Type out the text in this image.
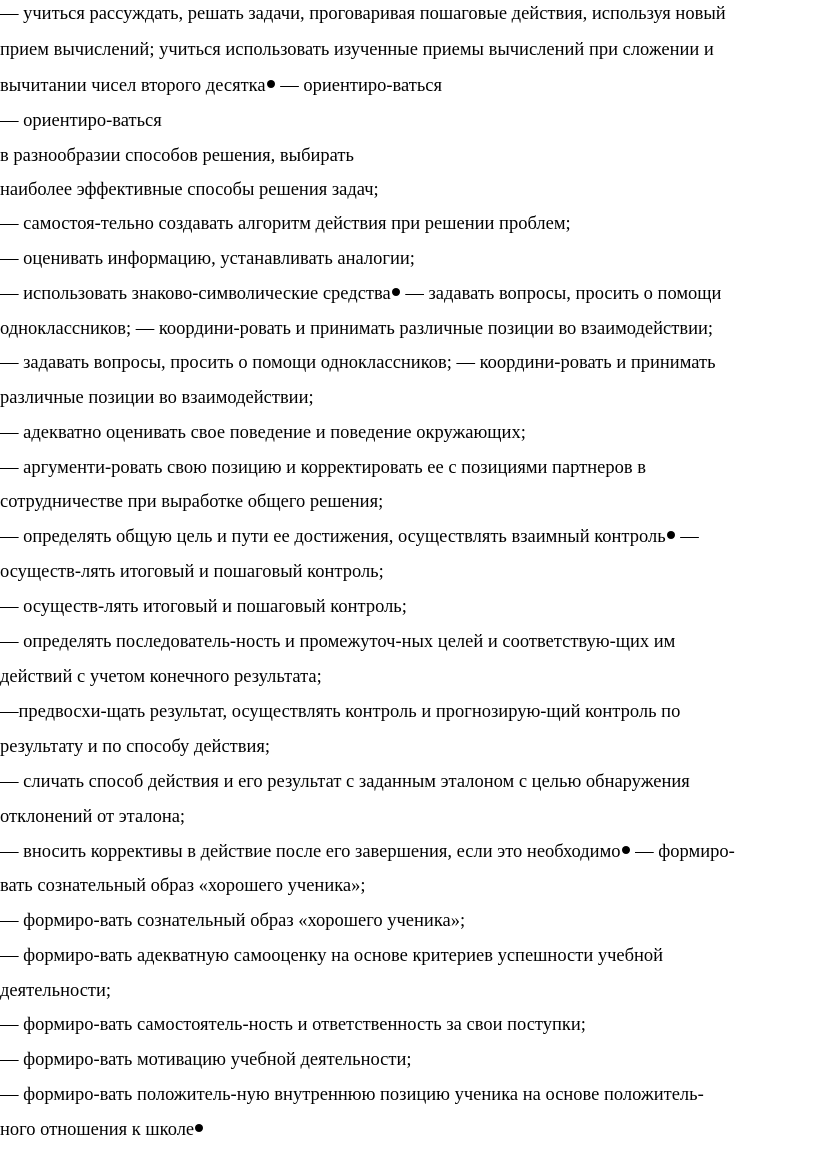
— учиться рассуждать, решать задачи, проговаривая пошаговые действия, используя новый
прием вычислений; учиться использовать изученные приемы вычислений при сложении и
вычитании чисел второго десятка — ориентиро-ваться
— ориентиро-ваться
в разнообразии способов решения, выбирать
наиболее эффективные способы решения задач;
— самостоя-тельно создавать алгоритм действия при решении проблем;
— оценивать информацию, устанавливать аналогии;
— использовать знаково-символические средства — задавать вопросы, просить о помощи
одноклассников; — координи-ровать и принимать различные позиции во взаимодействии;
— задавать вопросы, просить о помощи одноклассников; — координи-ровать и принимать
различные позиции во взаимодействии;
— адекватно оценивать свое поведение и поведение окружающих;
— аргументи-ровать свою позицию и корректировать ее с позициями партнеров в
сотрудничестве при выработке общего решения;
— определять общую цель и пути ее достижения, осуществлять взаимный контроль —
осуществ-лять итоговый и пошаговый контроль;
— осуществ-лять итоговый и пошаговый контроль;
— определять последователь-ность и промежуточ-ных целей и соответствую-щих им
действий с учетом конечного результата;
—предвосхи-щать результат, осуществлять контроль и прогнозирую-щий контроль по
результату и по способу действия;
— сличать способ действия и его результат с заданным эталоном с целью обнаружения
отклонений от эталона;
— вносить коррективы в действие после его завершения, если это необходимо — формиро-
вать сознательный образ «хорошего ученика»;
— формиро-вать сознательный образ «хорошего ученика»;
— формиро-вать адекватную самооценку на основе критериев успешности учебной
деятельности;
— формиро-вать самостоятель-ность и ответственность за свои поступки;
— формиро-вать мотивацию учебной деятельности;
— формиро-вать положитель-ную внутреннюю позицию ученика на основе положитель-
ного отношения к школе
